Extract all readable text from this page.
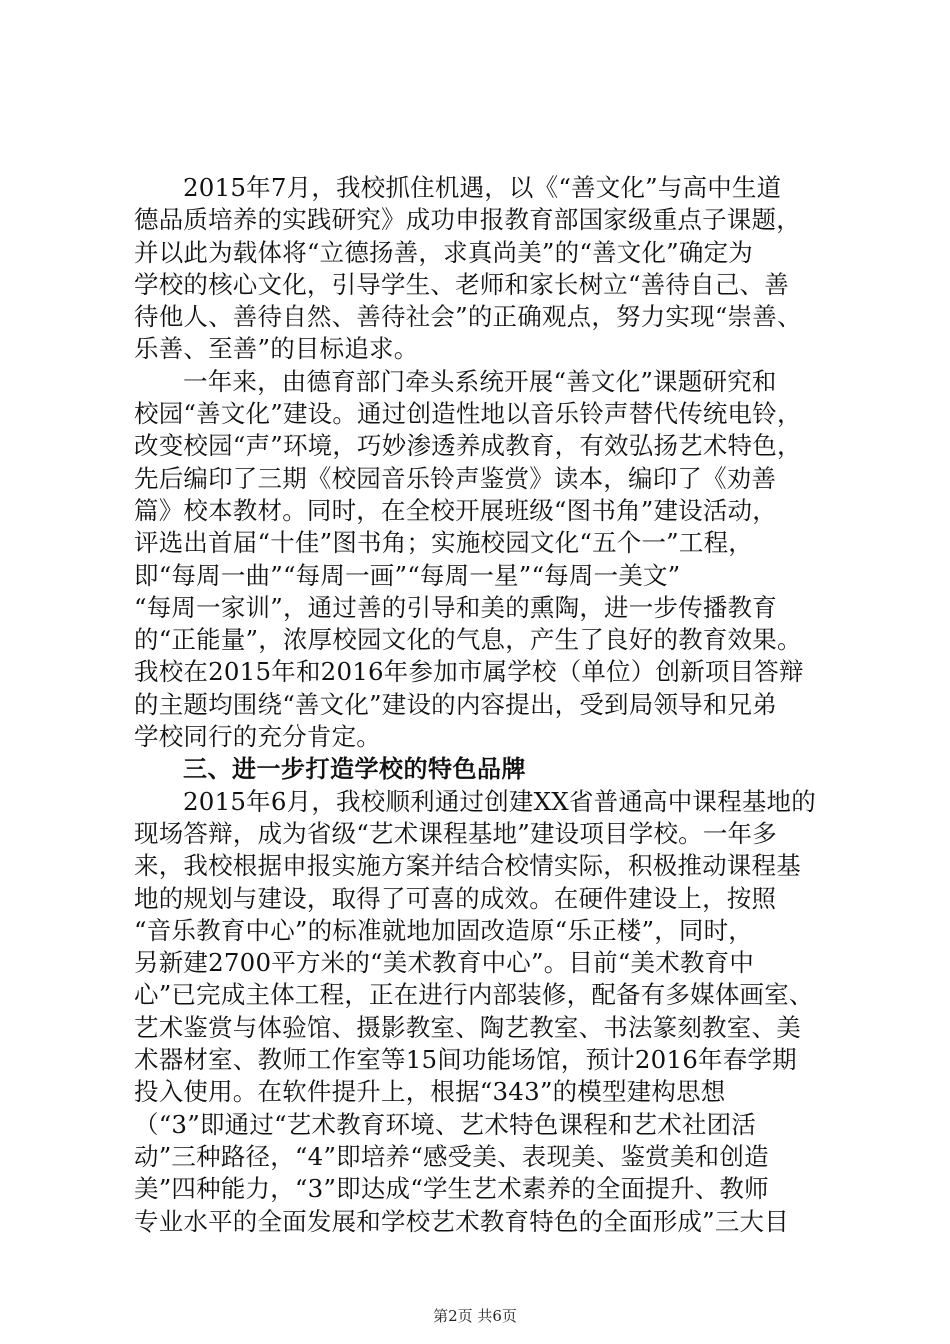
2015年7月，我校抓住机遇，以《“善文化”与高中生道
德品质培养的实践研究》成功申报教育部国家级重点子课题，
并以此为载体将“立德扬善，求真尚美”的“善文化”确定为
学校的核心文化，引导学生、老师和家长树立“善待自己、善
待他人、善待自然、善待社会”的正确观点，努力实现“崇善、
乐善、至善”的目标追求。
一年来，由德育部门牵头系统开展“善文化”课题研究和
校园“善文化”建设。通过创造性地以音乐铃声替代传统电铃，
改变校园“声”环境，巧妙渗透养成教育，有效弘扬艺术特色，
先后编印了三期《校园音乐铃声鉴赏》读本，编印了《劝善
篇》校本教材。同时，在全校开展班级“图书角”建设活动，
评选出首届“十佳”图书角；实施校园文化“五个一”工程，
即“每周一曲”“每周一画”“每周一星”“每周一美文”
“每周一家训”，通过善的引导和美的熏陶，进一步传播教育
的“正能量”，浓厚校园文化的气息，产生了良好的教育效果。
我校在2015年和2016年参加市属学校（单位）创新项目答辩
的主题均围绕“善文化”建设的内容提出，受到局领导和兄弟
学校同行的充分肯定。
三、进一步打造学校的特色品牌
2015年6月，我校顺利通过创建XX省普通高中课程基地的
现场答辩，成为省级“艺术课程基地”建设项目学校。一年多
来，我校根据申报实施方案并结合校情实际，积极推动课程基
地的规划与建设，取得了可喜的成效。在硬件建设上，按照
“音乐教育中心”的标准就地加固改造原“乐正楼”，同时，
另新建2700平方米的“美术教育中心”。目前“美术教育中
心”已完成主体工程，正在进行内部装修，配备有多媒体画室、
艺术鉴赏与体验馆、摄影教室、陶艺教室、书法篆刻教室、美
术器材室、教师工作室等15间功能场馆，预计2016年春学期
投入使用。在软件提升上，根据“343”的模型建构思想
（“3”即通过“艺术教育环境、艺术特色课程和艺术社团活
动”三种路径，“4”即培养“感受美、表现美、鉴赏美和创造
美”四种能力，“3”即达成“学生艺术素养的全面提升、教师
专业水平的全面发展和学校艺术教育特色的全面形成”三大目
第2页 共6页
